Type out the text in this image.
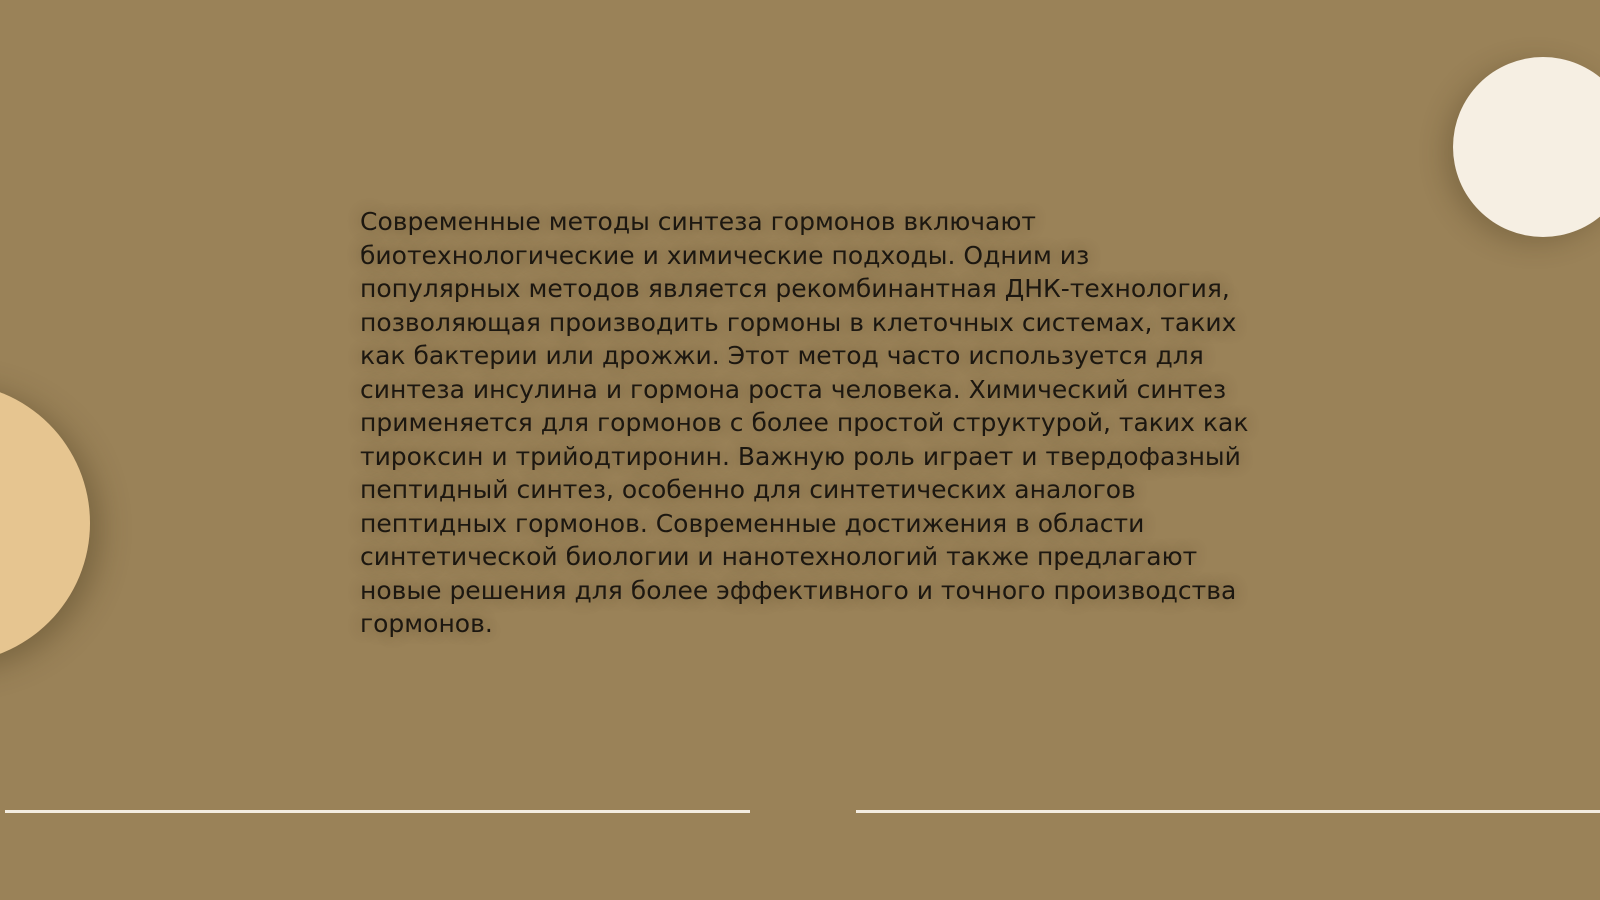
Современные методы синтеза гормонов включают биотехнологические и химические подходы. Одним из популярных методов является рекомбинантная ДНК-технология, позволяющая производить гормоны в клеточных системах, таких как бактерии или дрожжи. Этот метод часто используется для синтеза инсулина и гормона роста человека. Химический синтез применяется для гормонов с более простой структурой, таких как тироксин и трийодтиронин. Важную роль играет и твердофазный пептидный синтез, особенно для синтетических аналогов пептидных гормонов. Современные достижения в области синтетической биологии и нанотехнологий также предлагают новые решения для более эффективного и точного производства гормонов.
